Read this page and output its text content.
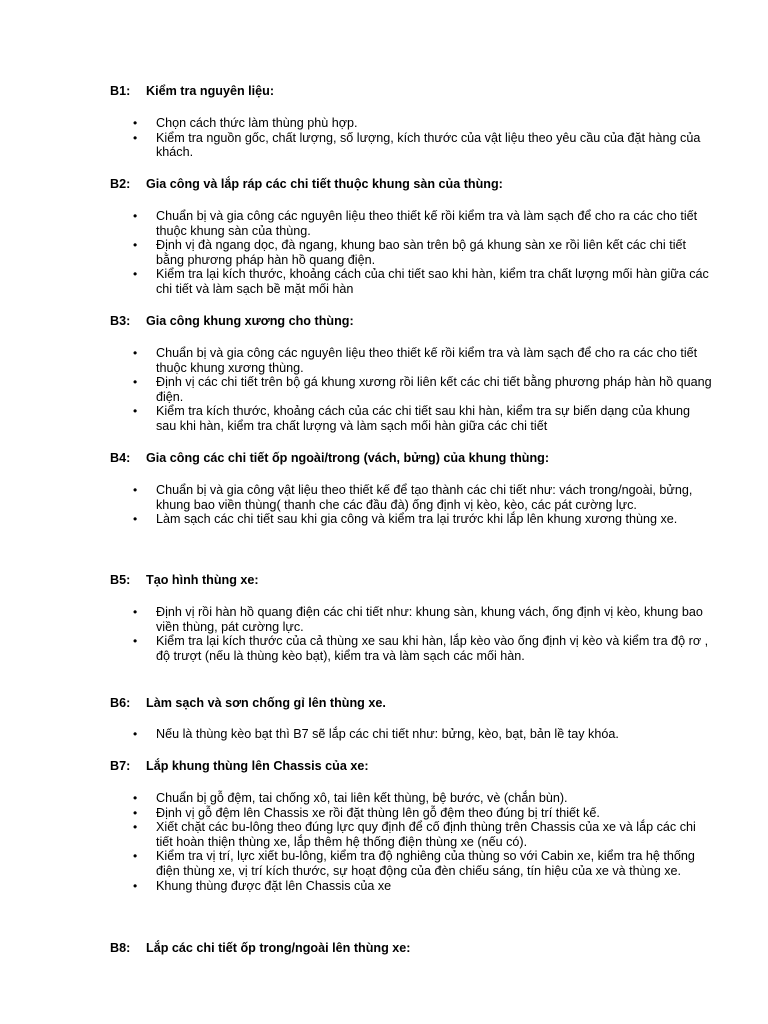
B1: Kiểm tra nguyên liệu:
• Chọn cách thức làm thùng phù hợp.
• Kiểm tra nguồn gốc, chất lượng, số lượng, kích thước của vật liệu theo yêu cầu của đặt hàng của khách.
B2: Gia công và lắp ráp các chi tiết thuộc khung sàn của thùng:
• Chuẩn bị và gia công các nguyên liệu theo thiết kế rồi kiểm tra và làm sạch để cho ra các cho tiết thuộc khung sàn của thùng.
• Định vị đà ngang dọc, đà ngang, khung bao sàn trên bộ gá khung sàn xe rồi liên kết các chi tiết bằng phương pháp hàn hồ quang điện.
• Kiểm tra lại kích thước, khoảng cách của chi tiết sao khi hàn, kiểm tra chất lượng mối hàn giữa các chi tiết và làm sạch bề mặt mối hàn
B3: Gia công khung xương cho thùng:
• Chuẩn bị và gia công các nguyên liệu theo thiết kế rồi kiểm tra và làm sạch để cho ra các cho tiết thuộc khung xương thùng.
• Định vị các chi tiết trên bộ gá khung xương rồi liên kết các chi tiết bằng phương pháp hàn hồ quang điện.
• Kiểm tra kích thước, khoảng cách của các chi tiết sau khi hàn, kiểm tra sự biến dạng của khung sau khi hàn, kiểm tra chất lượng và làm sạch mối hàn giữa các chi tiết
B4: Gia công các chi tiết ốp ngoài/trong (vách, bửng) của khung thùng:
• Chuẩn bị và gia công vật liệu theo thiết kế để tạo thành các chi tiết như: vách trong/ngoài, bửng, khung bao viền thùng( thanh che các đầu đà) ống định vị kèo, kèo, các pát cường lực.
• Làm sạch các chi tiết sau khi gia công và kiểm tra lại trước khi lắp lên khung xương thùng xe.
B5: Tạo hình thùng xe:
• Định vị rồi hàn hồ quang điện các chi tiết như: khung sàn, khung vách, ống định vị kèo, khung bao viền thùng, pát cường lực.
• Kiểm tra lại kích thước của cả thùng xe sau khi hàn, lắp kèo vào ống định vị kèo và kiểm tra độ rơ , độ trượt (nếu là thùng kèo bạt), kiểm tra và làm sạch các mối hàn.
B6: Làm sạch và sơn chống gỉ lên thùng xe.
• Nếu là thùng kèo bạt thì B7 sẽ lắp các chi tiết như: bửng, kèo, bạt, bản lề tay khóa.
B7: Lắp khung thùng lên Chassis của xe:
• Chuẩn bị gỗ đệm, tai chống xô, tai liên kết thùng, bệ bước, vè (chắn bùn).
• Định vị gỗ đệm lên Chassis xe rồi đặt thùng lên gỗ đệm theo đúng bị trí thiết kế.
• Xiết chặt các bu-lông theo đúng lực quy định để cố định thùng trên Chassis của xe và lắp các chi tiết hoàn thiện thùng xe, lắp thêm hệ thống điện thùng xe (nếu có).
• Kiểm tra vị trí, lực xiết bu-lông, kiểm tra độ nghiêng của thùng so với Cabin xe, kiểm tra hệ thống điện thùng xe, vị trí kích thước, sự hoạt động của đèn chiếu sáng, tín hiệu của xe và thùng xe.
• Khung thùng được đặt lên Chassis của xe
B8: Lắp các chi tiết ốp trong/ngoài lên thùng xe:
